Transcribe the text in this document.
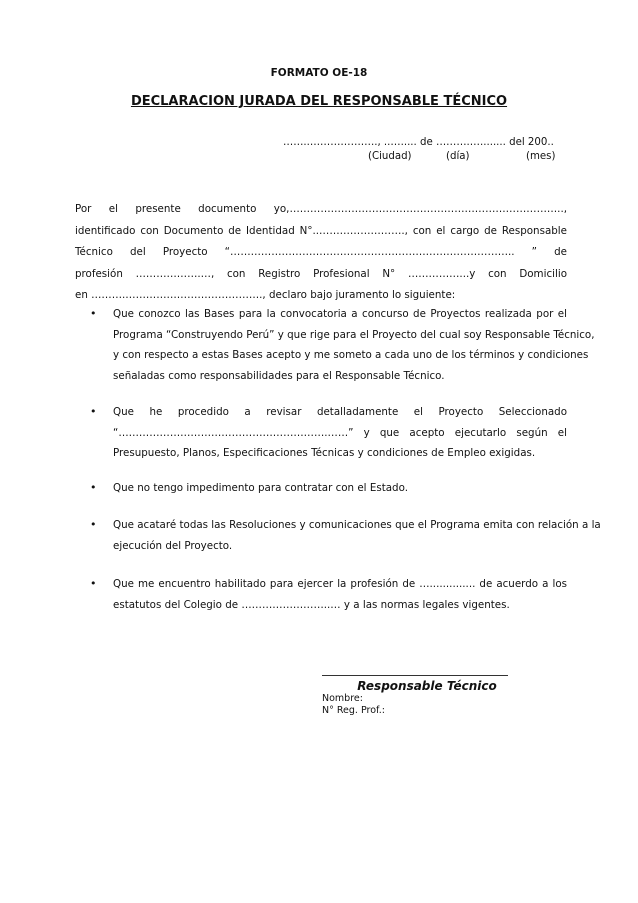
FORMATO OE-18
DECLARACION JURADA DEL RESPONSABLE TÉCNICO
……..……………….., ..…..... de ……….…........ del 200..
(Ciudad)	(día)	(mes)
Por el presente documento yo,……………………………………………………………………..,
identificado con Documento de Identidad N°..……………………., con el cargo de Responsable
Técnico del Proyecto “……………………………………………………………………….. ” de
profesión ……………….…, con Registro Profesional N° ……………...y con Domicilio
en ……….…………………………………., declaro bajo juramento lo siguiente:
• Que conozco las Bases para la convocatoria a concurso de Proyectos realizada por el
Programa “Construyendo Perú” y que rige para el Proyecto del cual soy Responsable Técnico,
y con respecto a estas Bases acepto y me someto a cada uno de los términos y condiciones
señaladas como responsabilidades para el Responsable Técnico.
• Que he procedido a revisar detalladamente el Proyecto Seleccionado
“…………………………………………………….……” y que acepto ejecutarlo según el
Presupuesto, Planos, Especificaciones Técnicas y condiciones de Empleo exigidas.
• Que no tengo impedimento para contratar con el Estado.
• Que acataré todas las Resoluciones y comunicaciones que el Programa emita con relación a la
ejecución del Proyecto.
• Que me encuentro habilitado para ejercer la profesión de ….............. de acuerdo a los
estatutos del Colegio de ……………………..… y a las normas legales vigentes.
Responsable Técnico
Nombre:
N° Reg. Prof.:
